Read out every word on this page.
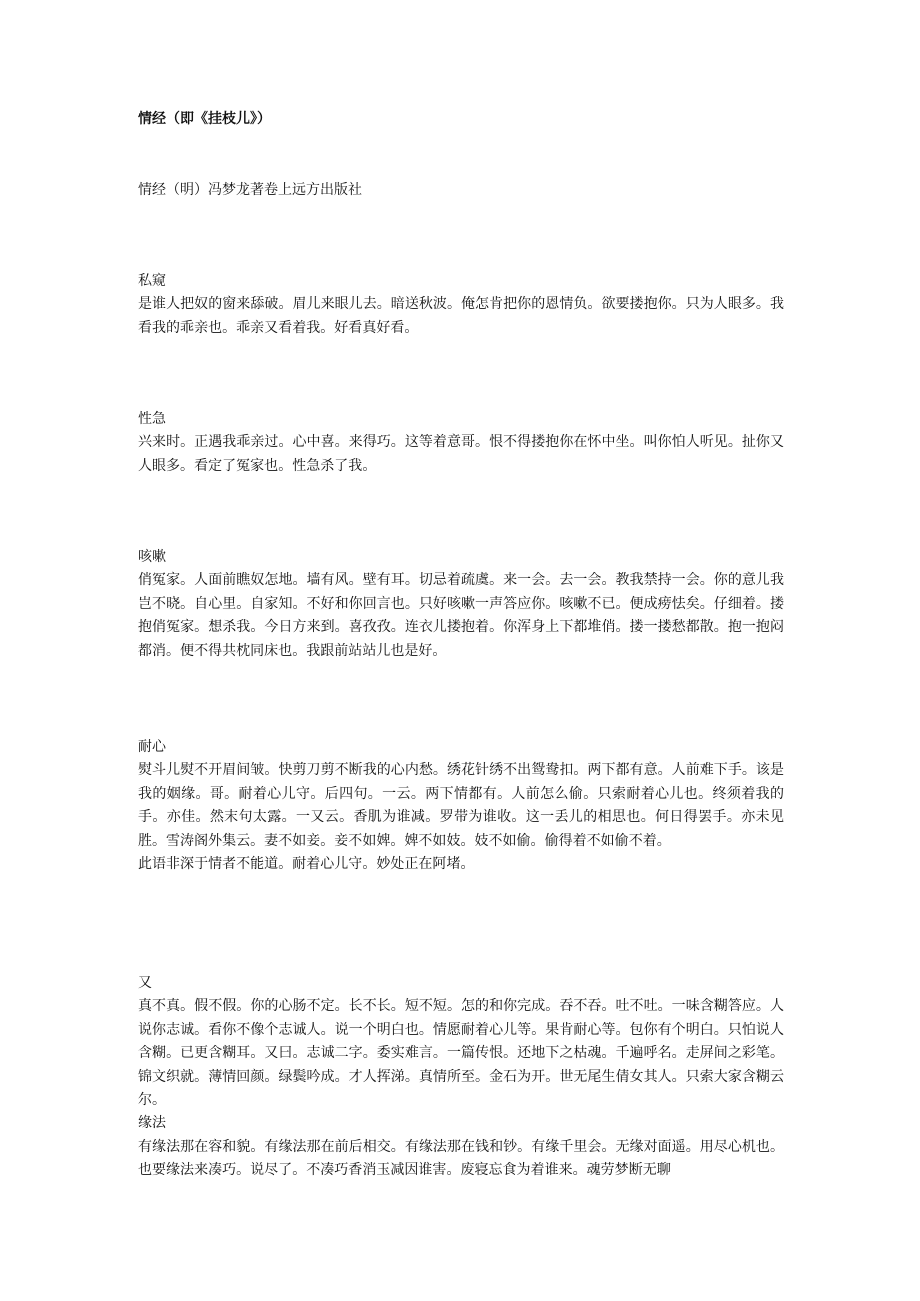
情经（即《挂枝儿》）
情经（明）冯梦龙著卷上远方出版社
私窥
是谁人把奴的窗来舔破。眉儿来眼儿去。暗送秋波。俺怎肯把你的恩情负。欲要搂抱你。只为人眼多。我看我的乖亲也。乖亲又看着我。好看真好看。
性急
兴来时。正遇我乖亲过。心中喜。来得巧。这等着意哥。恨不得搂抱你在怀中坐。叫你怕人听见。扯你又人眼多。看定了冤家也。性急杀了我。
咳嗽
俏冤家。人面前瞧奴怎地。墙有风。壁有耳。切忌着疏虞。来一会。去一会。教我禁持一会。你的意儿我岂不晓。自心里。自家知。不好和你回言也。只好咳嗽一声答应你。咳嗽不已。便成痨怯矣。仔细着。搂抱俏冤家。想杀我。今日方来到。喜孜孜。连衣儿搂抱着。你浑身上下都堆俏。搂一搂愁都散。抱一抱闷都消。便不得共枕同床也。我跟前站站儿也是好。
耐心
熨斗儿熨不开眉间皱。快剪刀剪不断我的心内愁。绣花针绣不出鸳鸯扣。两下都有意。人前难下手。该是我的姻缘。哥。耐着心儿守。后四句。一云。两下情都有。人前怎么偷。只索耐着心儿也。终须着我的手。亦佳。然末句太露。一又云。香肌为谁减。罗带为谁收。这一丢儿的相思也。何日得罢手。亦未见胜。雪涛阁外集云。妻不如妾。妾不如婢。婢不如妓。妓不如偷。偷得着不如偷不着。
此语非深于情者不能道。耐着心儿守。妙处正在阿堵。
又
真不真。假不假。你的心肠不定。长不长。短不短。怎的和你完成。吞不吞。吐不吐。一味含糊答应。人说你志诚。看你不像个志诚人。说一个明白也。情愿耐着心儿等。果肯耐心等。包你有个明白。只怕说人含糊。已更含糊耳。又曰。志诚二字。委实难言。一篇传恨。还地下之枯魂。千遍呼名。走屏间之彩笔。锦文织就。薄情回颜。绿鬓吟成。才人挥涕。真情所至。金石为开。世无尾生倩女其人。只索大家含糊云尔。
缘法
有缘法那在容和貌。有缘法那在前后相交。有缘法那在钱和钞。有缘千里会。无缘对面遥。用尽心机也。也要缘法来凑巧。说尽了。不凑巧香消玉减因谁害。废寝忘食为着谁来。魂劳梦断无聊
